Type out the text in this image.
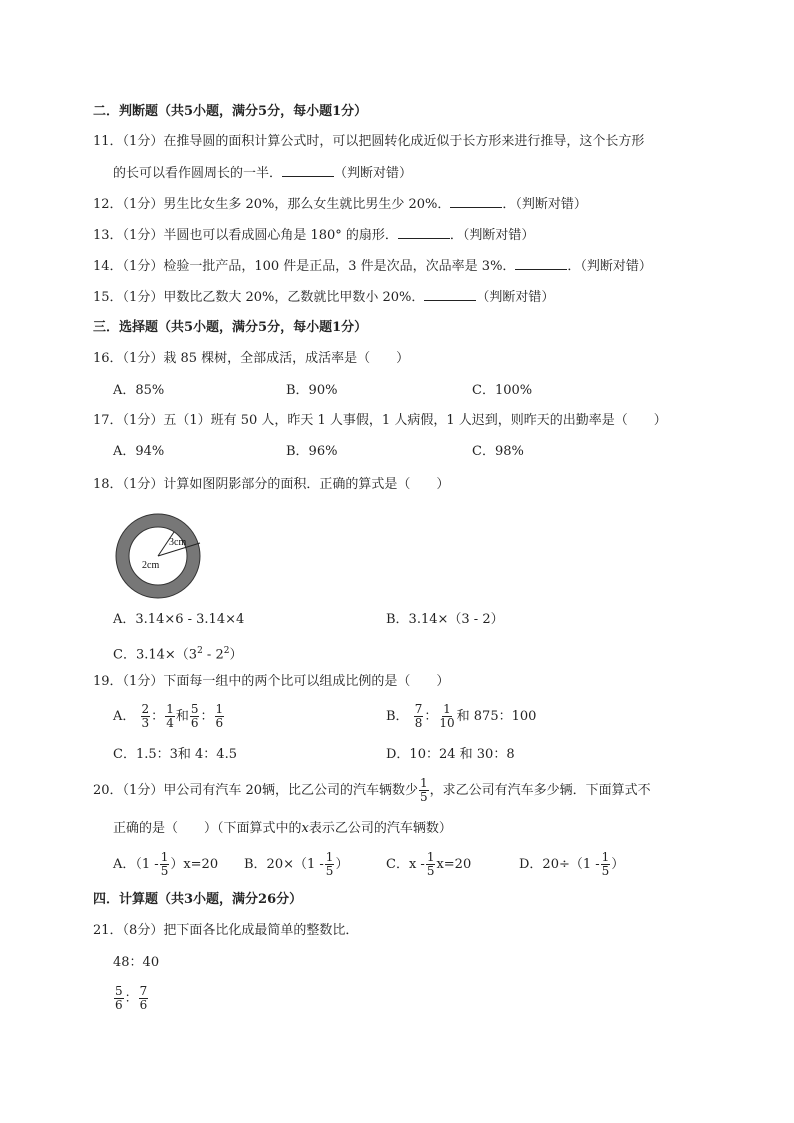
二．判断题（共5小题，满分5分，每小题1分）
11．（1分）在推导圆的面积计算公式时，可以把圆转化成近似于长方形来进行推导，这个长方形
的长可以看作圆周长的一半．	（判断对错）
12．（1分）男生比女生多 20%，那么女生就比男生少 20%．	．（判断对错）
13．（1分）半圆也可以看成圆心角是 180° 的扇形．	．（判断对错）
14．（1分）检验一批产品，100 件是正品，3 件是次品，次品率是 3%．	．（判断对错）
15．（1分）甲数比乙数大 20%，乙数就比甲数小 20%．	（判断对错）
三．选择题（共5小题，满分5分，每小题1分）
16．（1分）栽 85 棵树，全部成活，成活率是（　　）
A．85%	B．90%	C．100%
17．（1分）五（1）班有 50 人，昨天 1 人事假，1 人病假，1 人迟到，则昨天的出勤率是（　　）
A．94%	B．96%	C．98%
18．（1分）计算如图阴影部分的面积．正确的算式是（　　）
3cm
2cm
A．3.14×6 - 3.14×4	B．3.14×（3 - 2）
C．$3.14\times(3^2 - 2^2)$
19．（1分）下面每一组中的两个比可以组成比例的是（　　）
A． $\frac{2}{3}$ ： $\frac{1}{4}$ 和 $\frac{5}{6}$ ： $\frac{1}{6}$	B． $\frac{7}{8}$ ： $\frac{1}{10}$ 和 875：100
C．1.5：3和 4：4.5	D．10：24 和 30：8
20．（1分）甲公司有汽车 20辆，比乙公司的汽车辆数少 $\frac{1}{5}$ ，求乙公司有汽车多少辆．下面算式不
正确的是（　　）（下面算式中的x表示乙公司的汽车辆数）
A．$(1 - \frac{1}{5} )x=20$ B．$20\times(1 - \frac{1}{5}$ ）	C．$x - \frac{1}{5} x=20$	D．$20\div(1 - \frac{1}{5}$ ）
四．计算题（共3小题，满分26分）
21．（8分）把下面各比化成最简单的整数比．
48：40
$\frac{5}{6}$ ： $\frac{7}{6}$
